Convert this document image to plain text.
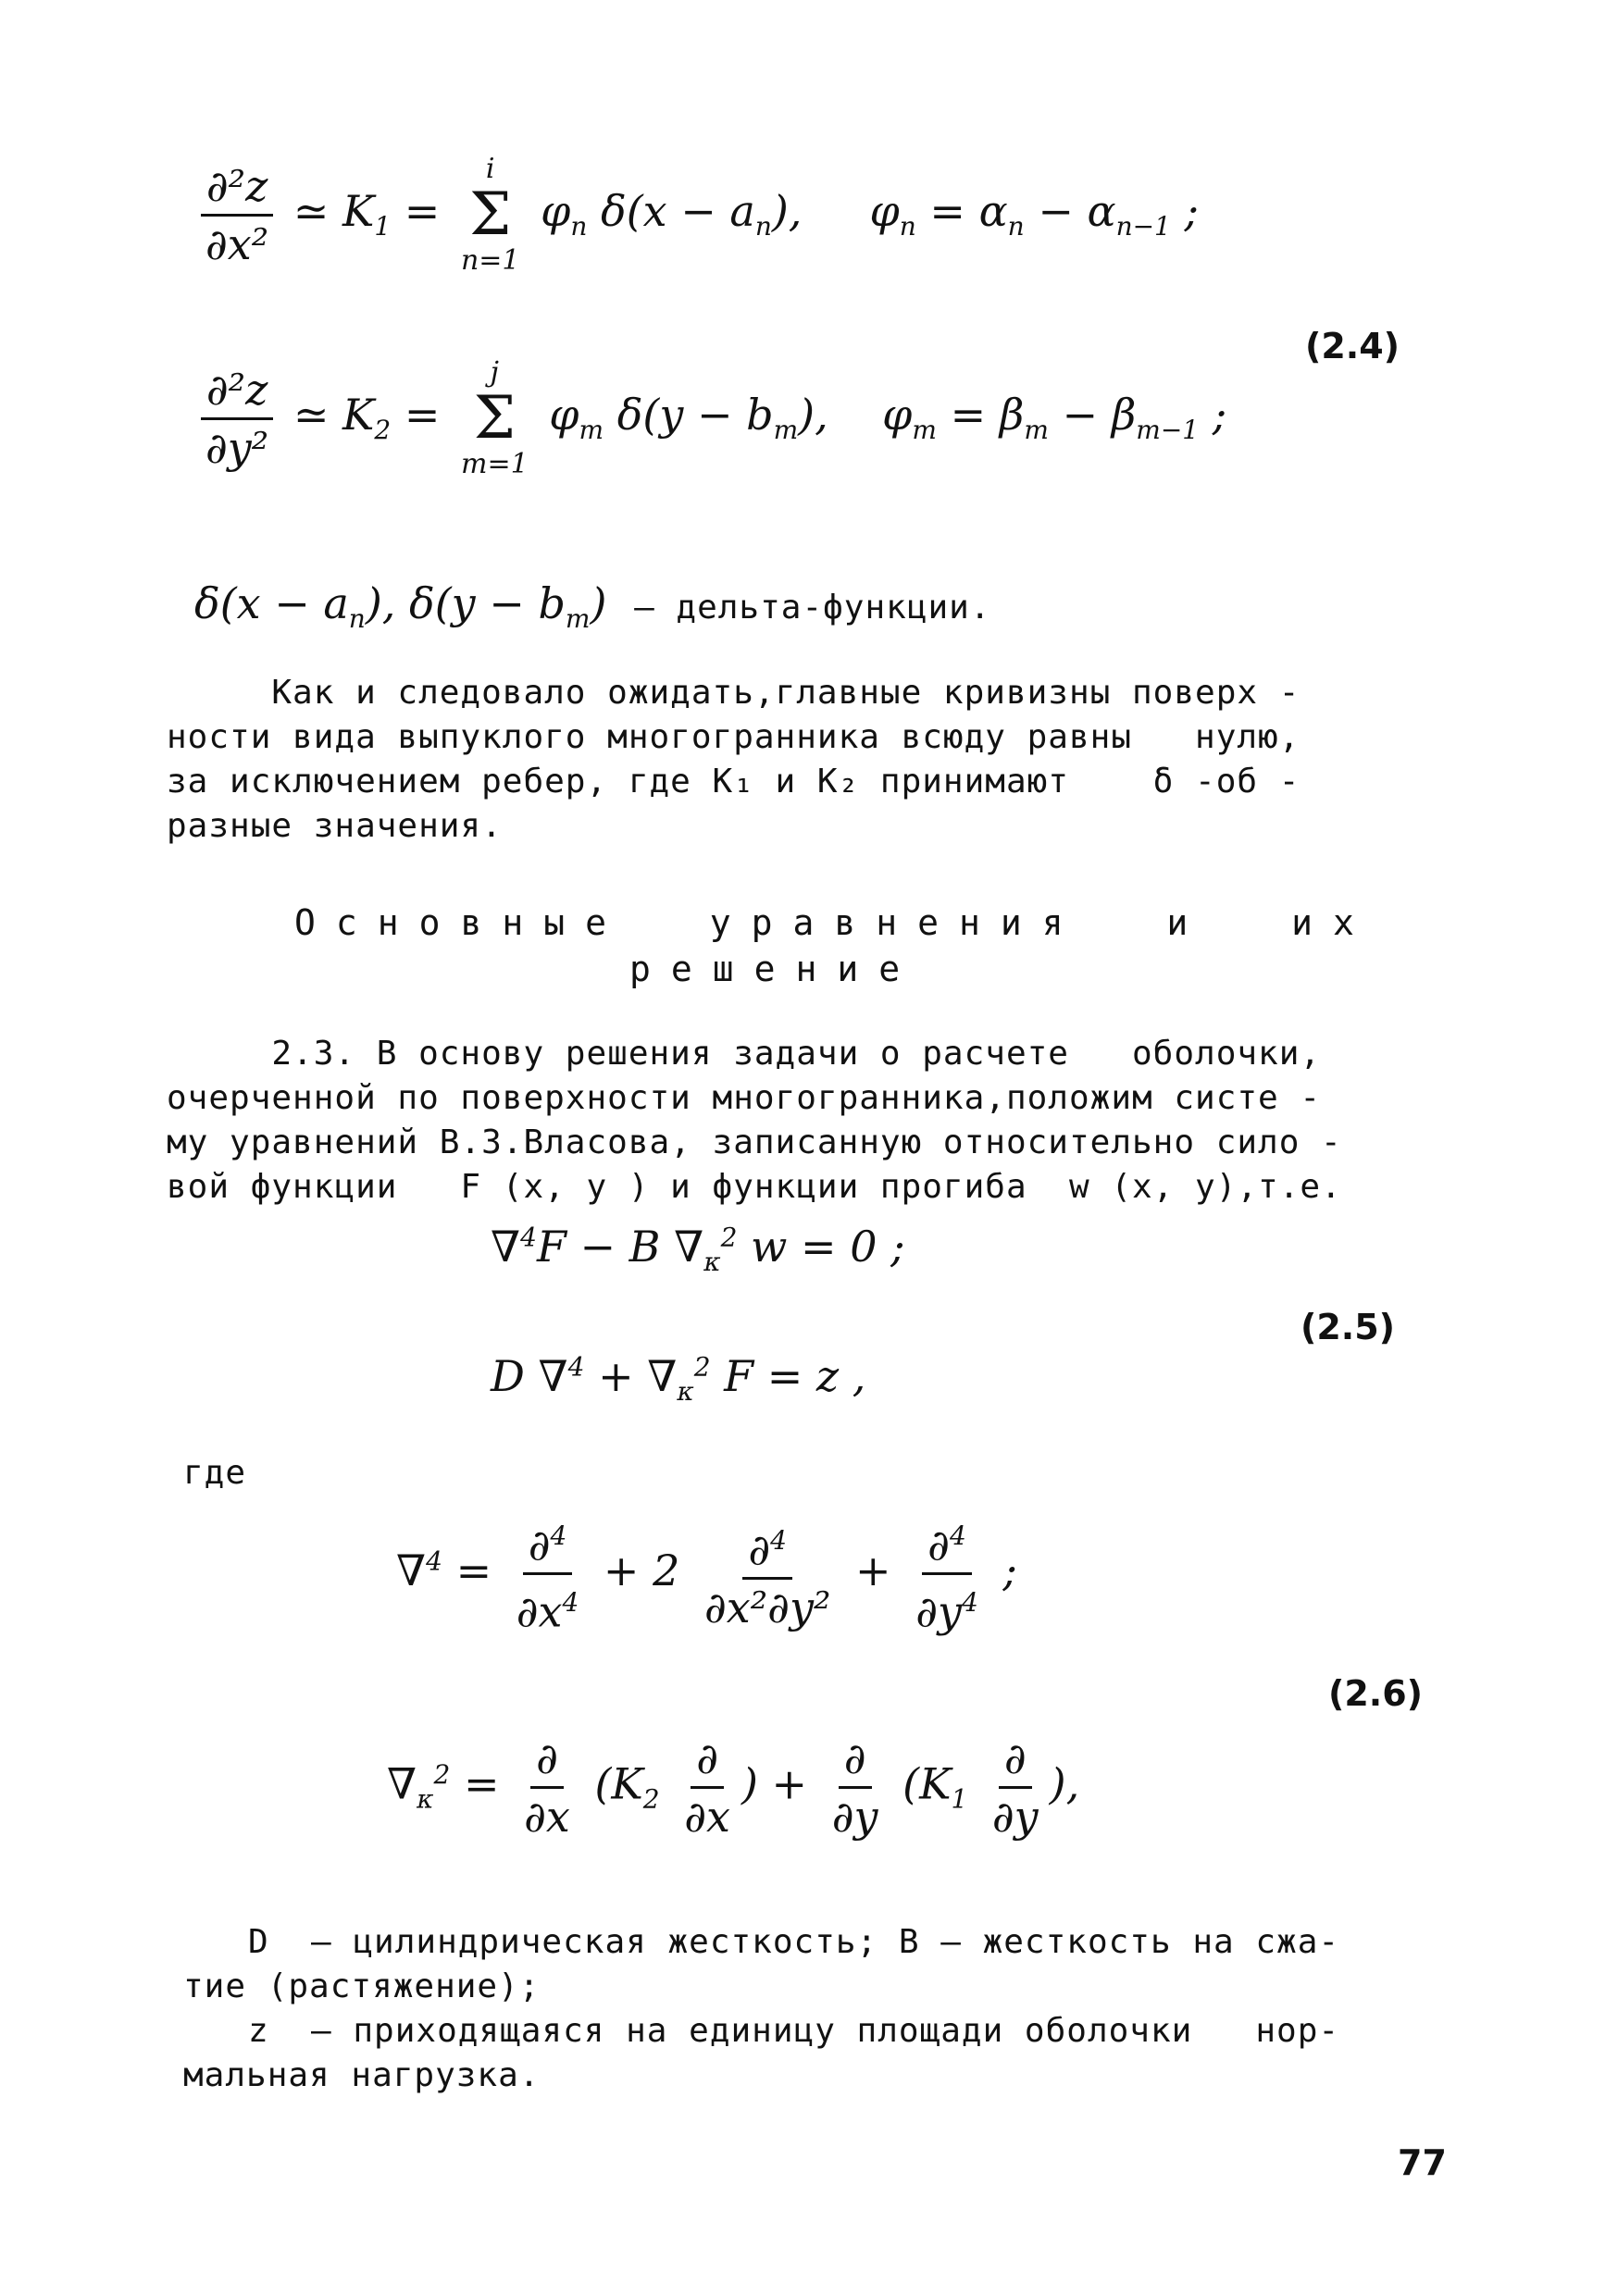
$\frac{\text{∂²z}}{\text{∂x²}}$ ≃ $K_1$ =
i
Σ
n=1
$\varphi_n$ $\delta(x - a_n)$,     $\varphi_n = \alpha_n - \alpha_{n-1}$ ;
(2.4)
$\frac{\text{∂²z}}{\text{∂y²}}$ ≃ $K_2$ =
j
Σ
m=1
$\varphi_m$ $\delta(y - b_m)$,    $\varphi_m = \beta_m - \beta_{m-1}$ ;
$\delta(x - a_n)$, $\delta(y - b_m)$ – дельта-функции.
Как и следовало ожидать,главные кривизны поверх -
ности вида выпуклого многогранника всюду равны   нулю,
за исключением ребер, где K₁ и K₂ принимают    δ -об -
разные значения.
Основные  уравнения  и  их
решение
2.3. В основу решения задачи о расчете   оболочки,
очерченной по поверхности многогранника,положим систе -
му уравнений В.З.Власова, записанную относительно сило -
вой функции   F (x, y ) и функции прогиба  w (x, y),т.е.
∇$^4$F − B $\nabla_\kappa^2$ w = 0 ;
(2.5)
D $\nabla^4 + \nabla_\kappa^2$ F = z ,
где
$\nabla^4 = \frac{\partial^4}{\partial x^4} + 2 \frac{\partial^4}{\text{∂x²∂y²}} + \frac{\partial^4}{\partial y^4}$ ;
(2.6)
$\nabla_\kappa^2 = \frac{\partial}{\partial x} (K_2 \frac{\partial}{\partial x}$ ) + $\frac{\partial}{\partial y} (K_1 \frac{\partial}{\partial y}$ ),
D  – цилиндрическая жесткость; B – жесткость на сжа-
тие (растяжение);
z  – приходящаяся на единицу площади оболочки   нор-
мальная нагрузка.
77
